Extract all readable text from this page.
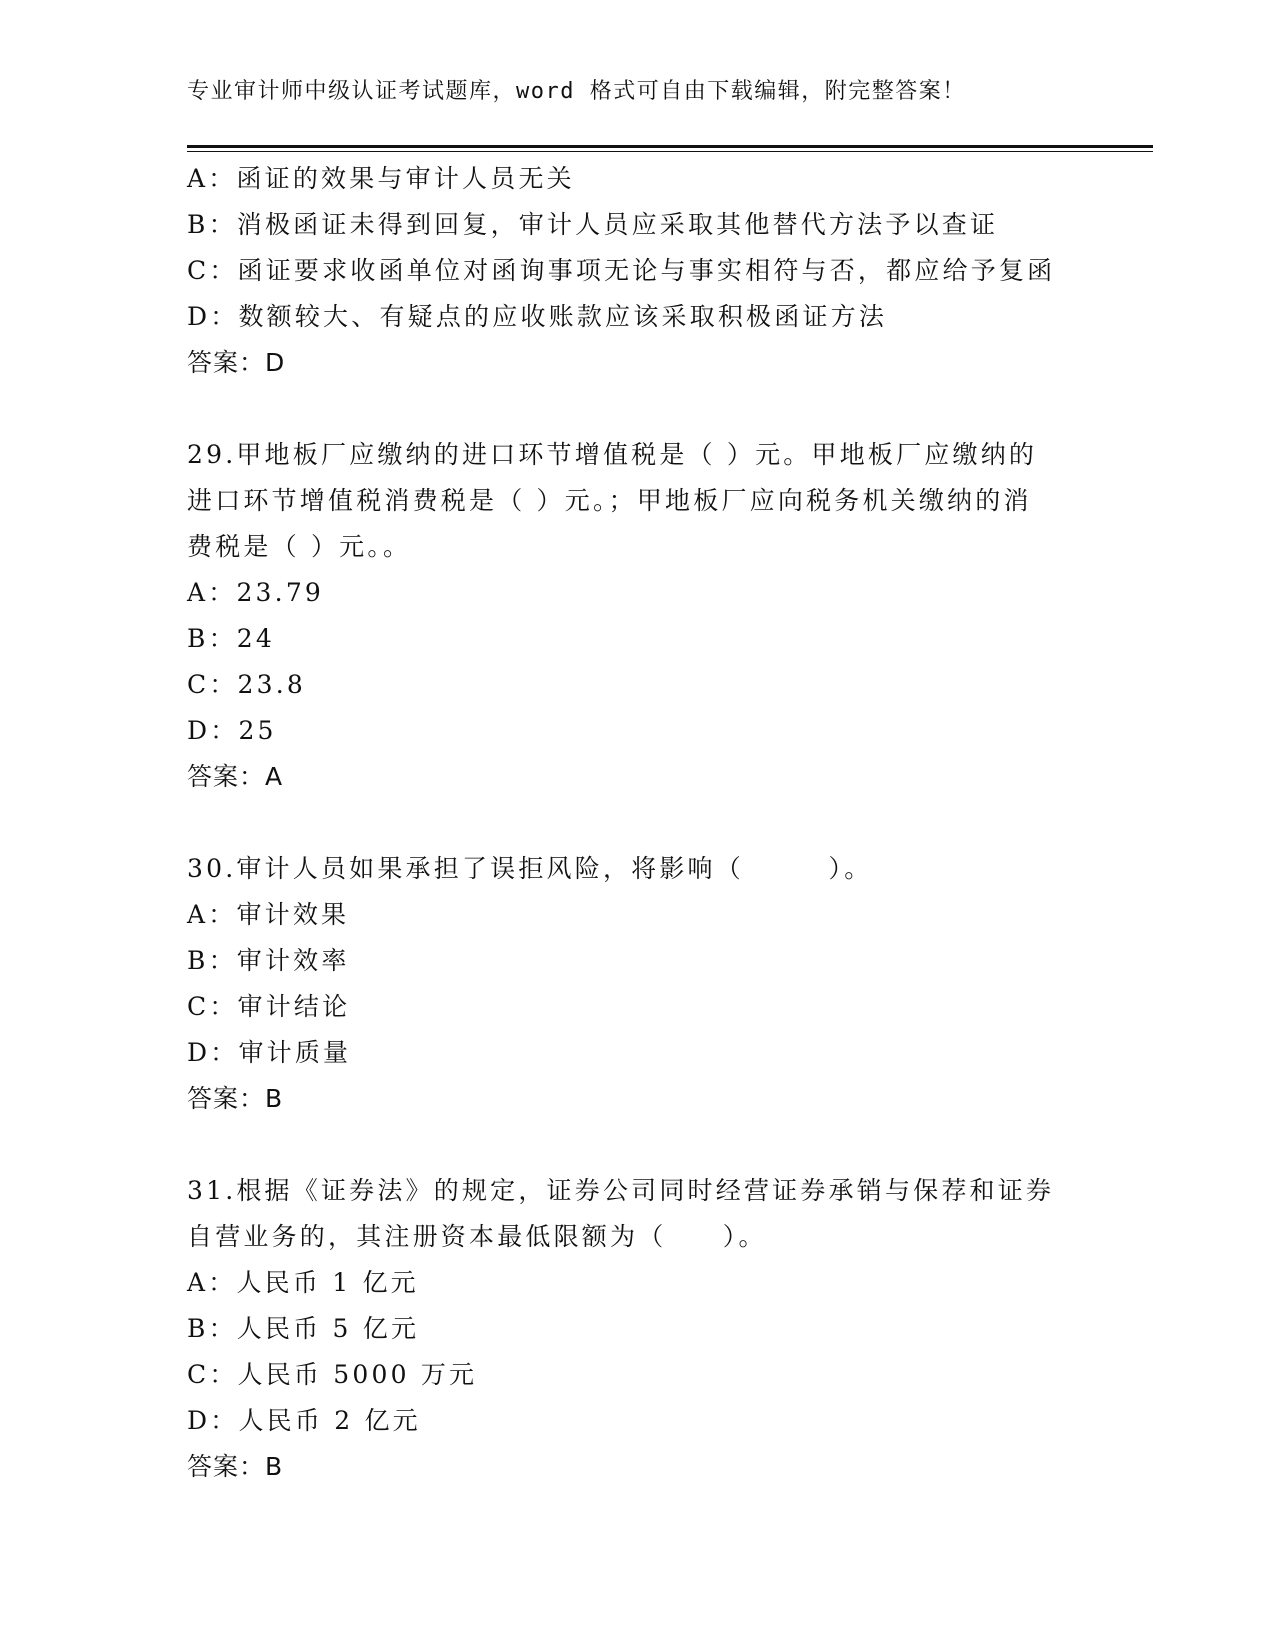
专业审计师中级认证考试题库，word 格式可自由下载编辑，附完整答案！
A：函证的效果与审计人员无关
B：消极函证未得到回复，审计人员应采取其他替代方法予以查证
C：函证要求收函单位对函询事项无论与事实相符与否，都应给予复函
D：数额较大、有疑点的应收账款应该采取积极函证方法
答案：D
29.甲地板厂应缴纳的进口环节增值税是（ ）元。甲地板厂应缴纳的
进口环节增值税消费税是（ ）元。；甲地板厂应向税务机关缴纳的消
费税是（ ）元。。
A：23.79
B：24
C：23.8
D：25
答案：A
30.审计人员如果承担了误拒风险，将影响（　　　）。
A：审计效果
B：审计效率
C：审计结论
D：审计质量
答案：B
31.根据《证券法》的规定，证券公司同时经营证券承销与保荐和证券
自营业务的，其注册资本最低限额为（　　）。
A：人民币 1 亿元
B：人民币 5 亿元
C：人民币 5000 万元
D：人民币 2 亿元
答案：B
